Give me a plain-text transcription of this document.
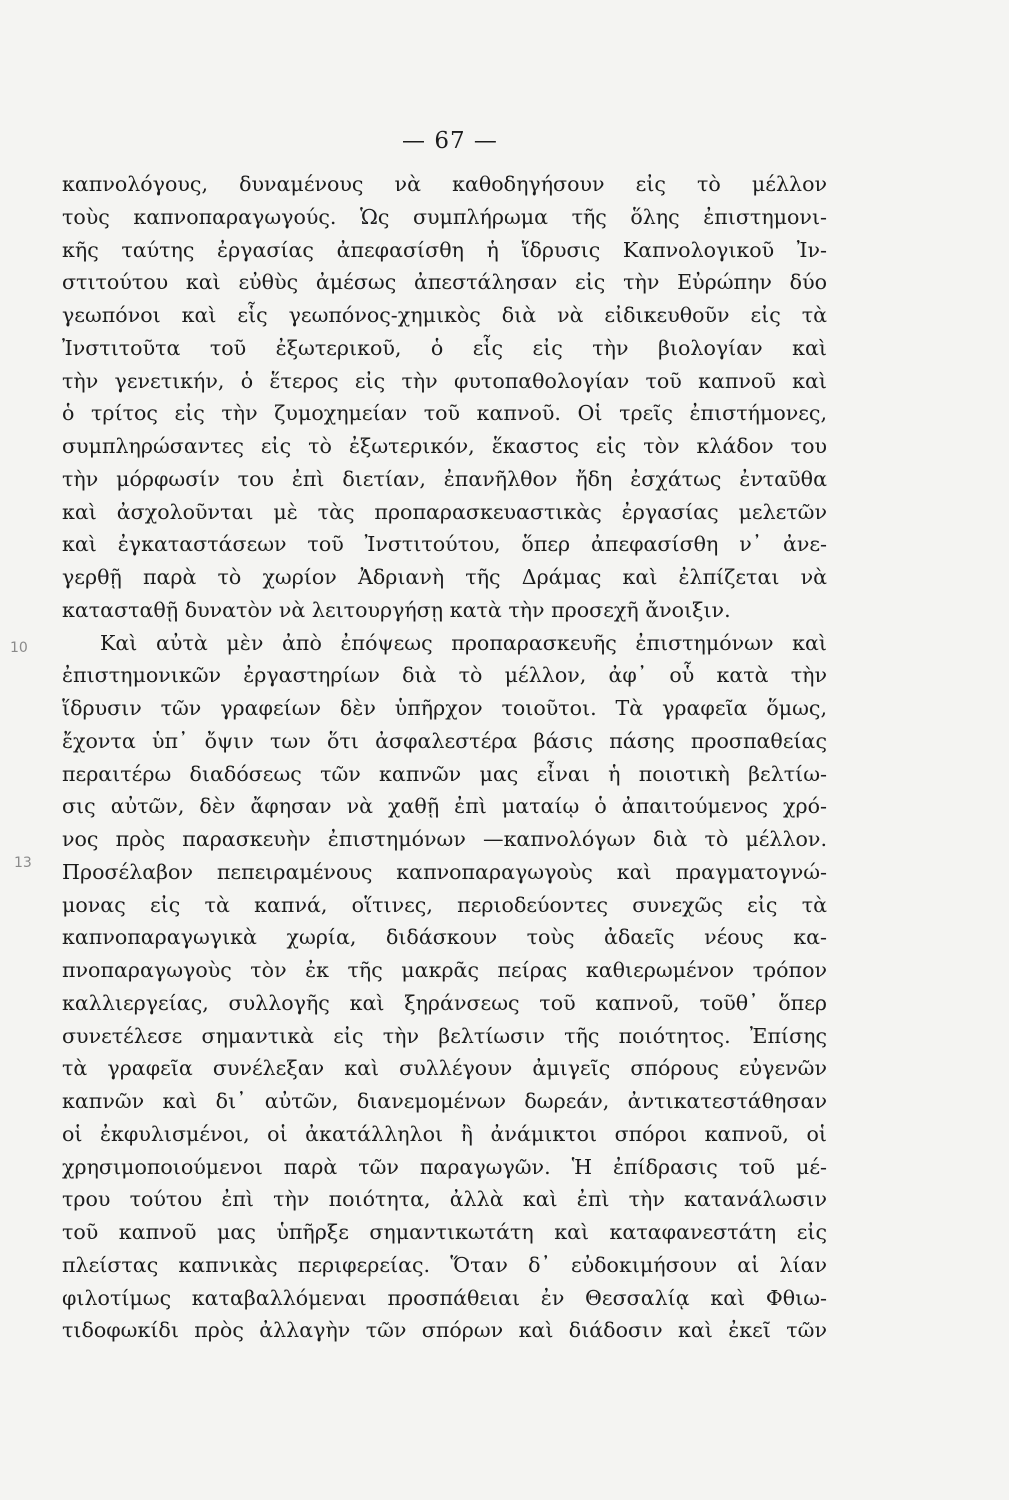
— 67 —
10
13
καπνολόγους, δυναμένους νὰ καθοδηγήσουν εἰς τὸ μέλλον
τοὺς καπνοπαραγωγούς. Ὡς συμπλήρωμα τῆς ὅλης ἐπιστημονι-
κῆς ταύτης ἐργασίας ἀπεφασίσθη ἡ ἵδρυσις Καπνολογικοῦ Ἰν-
στιτούτου καὶ εὐθὺς ἀμέσως ἀπεστάλησαν εἰς τὴν Εὐρώπην δύο
γεωπόνοι καὶ εἷς γεωπόνος-χημικὸς διὰ νὰ εἰδικευθοῦν εἰς τὰ
Ἰνστιτοῦτα τοῦ ἐξωτερικοῦ, ὁ εἷς εἰς τὴν βιολογίαν καὶ
τὴν γενετικήν, ὁ ἕτερος εἰς τὴν φυτοπαθολογίαν τοῦ καπνοῦ καὶ
ὁ τρίτος εἰς τὴν ζυμοχημείαν τοῦ καπνοῦ. Οἱ τρεῖς ἐπιστήμονες,
συμπληρώσαντες εἰς τὸ ἐξωτερικόν, ἕκαστος εἰς τὸν κλάδον του
τὴν μόρφωσίν του ἐπὶ διετίαν, ἐπανῆλθον ἤδη ἐσχάτως ἐνταῦθα
καὶ ἀσχολοῦνται μὲ τὰς προπαρασκευαστικὰς ἐργασίας μελετῶν
καὶ ἐγκαταστάσεων τοῦ Ἰνστιτούτου, ὅπερ ἀπεφασίσθη ν᾽ ἀνε-
γερθῇ παρὰ τὸ χωρίον Ἀδριανὴ τῆς Δράμας καὶ ἐλπίζεται νὰ
κατασταθῇ δυνατὸν νὰ λειτουργήσῃ κατὰ τὴν προσεχῆ ἄνοιξιν.
Καὶ αὐτὰ μὲν ἀπὸ ἐπόψεως προπαρασκευῆς ἐπιστημόνων καὶ
ἐπιστημονικῶν ἐργαστηρίων διὰ τὸ μέλλον, ἀφ᾽ οὗ κατὰ τὴν
ἵδρυσιν τῶν γραφείων δὲν ὑπῆρχον τοιοῦτοι. Τὰ γραφεῖα ὅμως,
ἔχοντα ὑπ᾽ ὄψιν των ὅτι ἀσφαλεστέρα βάσις πάσης προσπαθείας
περαιτέρω διαδόσεως τῶν καπνῶν μας εἶναι ἡ ποιοτικὴ βελτίω-
σις αὐτῶν, δὲν ἄφησαν νὰ χαθῇ ἐπὶ ματαίῳ ὁ ἀπαιτούμενος χρό-
νος πρὸς παρασκευὴν ἐπιστημόνων —καπνολόγων διὰ τὸ μέλλον.
Προσέλαβον πεπειραμένους καπνοπαραγωγοὺς καὶ πραγματογνώ-
μονας εἰς τὰ καπνά, οἵτινες, περιοδεύοντες συνεχῶς εἰς τὰ
καπνοπαραγωγικὰ χωρία, διδάσκουν τοὺς ἀδαεῖς νέους κα-
πνοπαραγωγοὺς τὸν ἐκ τῆς μακρᾶς πείρας καθιερωμένον τρόπον
καλλιεργείας, συλλογῆς καὶ ξηράνσεως τοῦ καπνοῦ, τοῦθ᾽ ὅπερ
συνετέλεσε σημαντικὰ εἰς τὴν βελτίωσιν τῆς ποιότητος. Ἐπίσης
τὰ γραφεῖα συνέλεξαν καὶ συλλέγουν ἀμιγεῖς σπόρους εὐγενῶν
καπνῶν καὶ δι᾽ αὐτῶν, διανεμομένων δωρεάν, ἀντικατεστάθησαν
οἱ ἐκφυλισμένοι, οἱ ἀκατάλληλοι ἢ ἀνάμικτοι σπόροι καπνοῦ, οἱ
χρησιμοποιούμενοι παρὰ τῶν παραγωγῶν. Ἡ ἐπίδρασις τοῦ μέ-
τρου τούτου ἐπὶ τὴν ποιότητα, ἀλλὰ καὶ ἐπὶ τὴν κατανάλωσιν
τοῦ καπνοῦ μας ὑπῆρξε σημαντικωτάτη καὶ καταφανεστάτη εἰς
πλείστας καπνικὰς περιφερείας. Ὅταν δ᾽ εὐδοκιμήσουν αἱ λίαν
φιλοτίμως καταβαλλόμεναι προσπάθειαι ἐν Θεσσαλίᾳ καὶ Φθιω-
τιδοφωκίδι πρὸς ἀλλαγὴν τῶν σπόρων καὶ διάδοσιν καὶ ἐκεῖ τῶν
